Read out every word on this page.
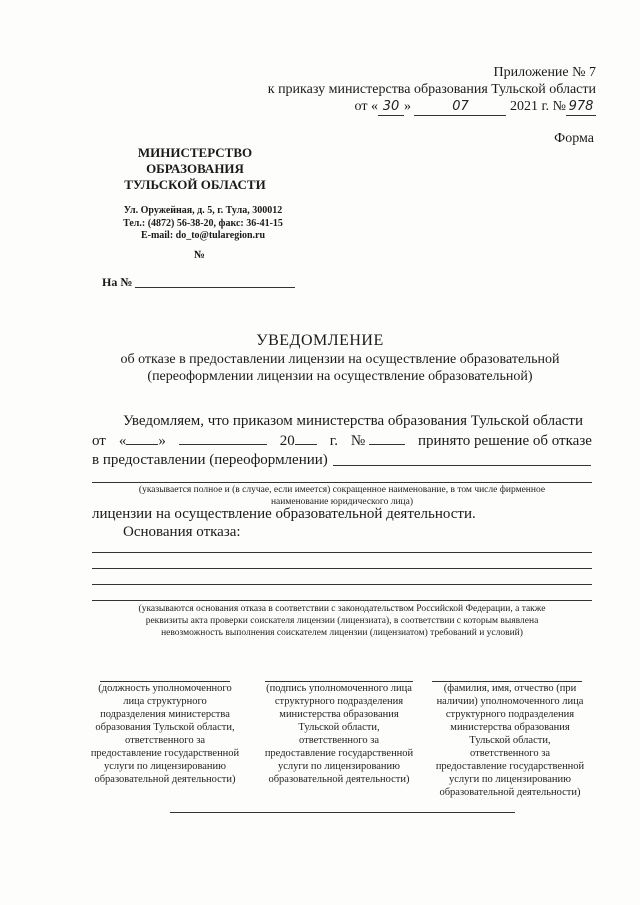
Приложение № 7
к приказу министерства образования Тульской области
от « 30 »	07	2021 г. № 978
Форма
МИНИСТЕРСТВО
ОБРАЗОВАНИЯ
ТУЛЬСКОЙ ОБЛАСТИ
Ул. Оружейная, д. 5, г. Тула, 300012
Тел.: (4872) 56-38-20, факс: 36-41-15
E-mail: do_to@tularegion.ru
№
На №
УВЕДОМЛЕНИЕ
об отказе в предоставлении лицензии на осуществление образовательной
(переоформлении лицензии на осуществление образовательной)
Уведомляем, что приказом министерства образования Тульской области
от « »	20	г. №	принято решение об отказе
в предоставлении (переоформлении)
(указывается полное и (в случае, если имеется) сокращенное наименование, в том числе фирменное
наименование юридического лица)
лицензии на осуществление образовательной деятельности.
Основания отказа:
(указываются основания отказа в соответствии с законодательством Российской Федерации, а также
реквизиты акта проверки соискателя лицензии (лицензиата), в соответствии с которым выявлена
невозможность выполнения соискателем лицензии (лицензиатом) требований и условий)
(должность уполномоченного
лица структурного
подразделения министерства
образования Тульской области,
ответственного за
предоставление государственной
услуги по лицензированию
образовательной деятельности)
(подпись уполномоченного лица
структурного подразделения
министерства образования
Тульской области,
ответственного за
предоставление государственной
услуги по лицензированию
образовательной деятельности)
(фамилия, имя, отчество (при
наличии) уполномоченного лица
структурного подразделения
министерства образования
Тульской области,
ответственного за
предоставление государственной
услуги по лицензированию
образовательной деятельности)
